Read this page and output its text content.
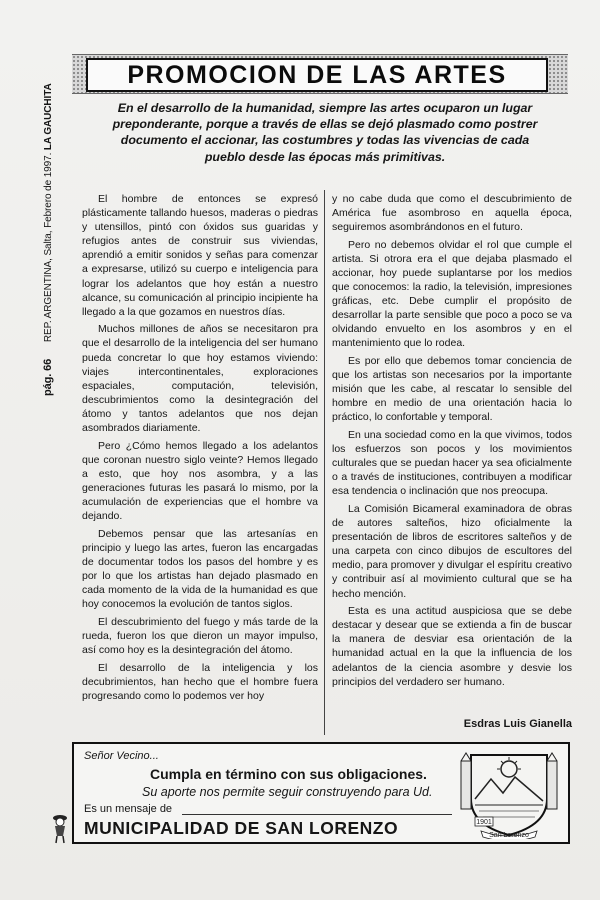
pág. 66 REP. ARGENTINA, Salta, Febrero de 1997. LA GAUCHITA
PROMOCION DE LAS ARTES
En el desarrollo de la humanidad, siempre las artes ocuparon un lugar preponderante, porque a través de ellas se dejó plasmado como postrer documento el accionar, las costumbres y todas las vivencias de cada pueblo desde las épocas más primitivas.

El hombre de entonces se expresó plásticamente tallando huesos, maderas o piedras y utensillos, pintó con óxidos sus guaridas y refugios antes de construir sus viviendas, aprendió a emitir sonidos y señas para comenzar a expresarse, utilizó su cuerpo e inteligencia para lograr los adelantos que hoy están a nuestro alcance, su comunicación al principio incipiente ha llegado a la que gozamos en nuestros días.

Muchos millones de años se necesitaron pra que el desarrollo de la inteligencia del ser humano pueda concretar lo que hoy estamos viviendo: viajes intercontinentales, exploraciones espaciales, computación, televisión, descubrimientos como la desintegración del átomo y tantos adelantos que nos dejan asombrados diariamente.

Pero ¿Cómo hemos llegado a los adelantos que coronan nuestro siglo veinte? Hemos llegado a esto, que hoy nos asombra, y a las generaciones futuras les pasará lo mismo, por la acumulación de experiencias que el hombre va dejando.

Debemos pensar que las artesanías en principio y luego las artes, fueron las encargadas de documentar todos los pasos del hombre y es por lo que los artistas han dejado plasmado en cada momento de la vida de la humanidad es que hoy conocemos la evolución de tantos siglos.

El descubrimiento del fuego y más tarde de la rueda, fueron los que dieron un mayor impulso, así como hoy es la desintegración del átomo.

El desarrollo de la inteligencia y los decubrimientos, han hecho que el hombre fuera progresando como lo podemos ver hoy

y no cabe duda que como el descubrimiento de América fue asombroso en aquella época, seguiremos asombrándonos en el futuro.

Pero no debemos olvidar el rol que cumple el artista. Si otrora era el que dejaba plasmado el accionar, hoy puede suplantarse por los medios que conocemos: la radio, la televisión, impresiones gráficas, etc. Debe cumplir el propósito de desarrollar la parte sensible que poco a poco se va olvidando envuelto en los asombros y en el mantenimiento que lo rodea.

Es por ello que debemos tomar conciencia de que los artistas son necesarios por la importante misión que les cabe, al rescatar lo sensible del hombre en medio de una orientación hacia lo práctico, lo confortable y temporal.

En una sociedad como en la que vivimos, todos los esfuerzos son pocos y los movimientos culturales que se puedan hacer ya sea oficialmente o a través de instituciones, contribuyen a modificar esa tendencia o inclinación que nos preocupa.

La Comisión Bicameral examinadora de obras de autores salteños, hizo oficialmente la presentación de libros de escritores salteños y de una carpeta con cinco dibujos de escultores del medio, para promover y divulgar el espíritu creativo y contribuir así al movimiento cultural que se ha hecho mención.

Esta es una actitud auspiciosa que se debe destacar y desear que se extienda a fin de buscar la manera de desviar esa orientación de la humanidad actual en la que la influencia de los adelantos de la ciencia asombre y desvie los principios del verdadero ser humano.

Esdras Luis Gianella
Señor Vecino...
Cumpla en término con sus obligaciones.
Su aporte nos permite seguir construyendo para Ud.
Es un mensaje de
MUNICIPALIDAD DE SAN LORENZO	1901
San Lorenzo
